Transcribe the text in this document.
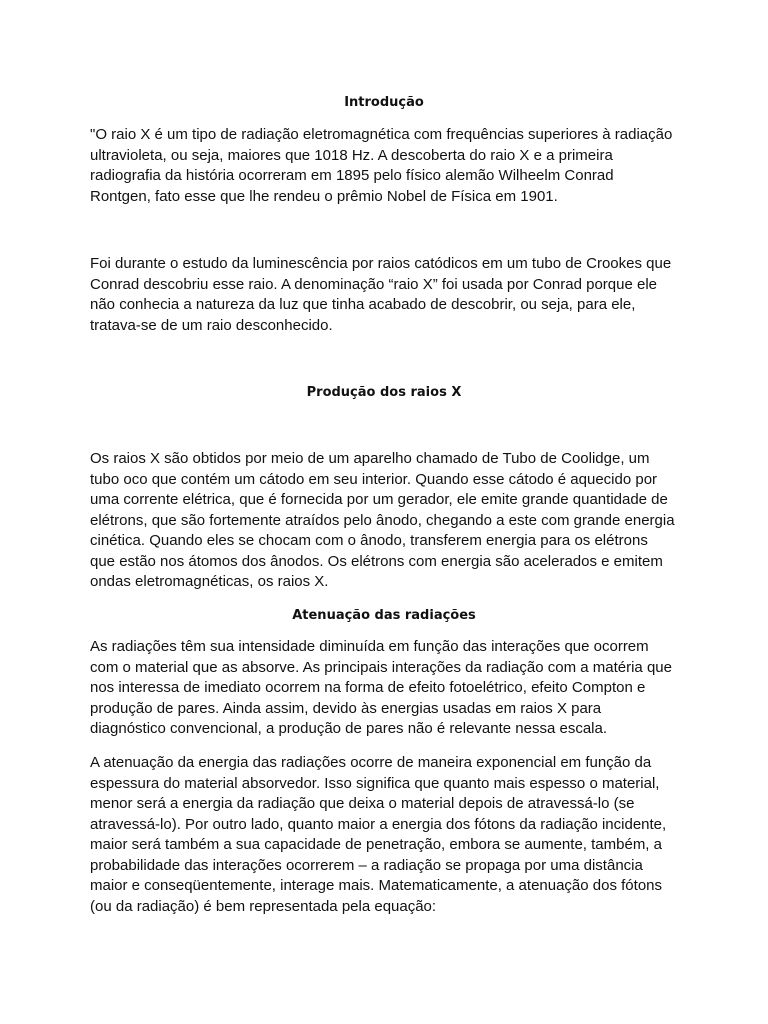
Introdução
"O raio X é um tipo de radiação eletromagnética com frequências superiores à radiação
ultravioleta, ou seja, maiores que 1018 Hz. A descoberta do raio X e a primeira
radiografia da história ocorreram em 1895 pelo físico alemão Wilheelm Conrad
Rontgen, fato esse que lhe rendeu o prêmio Nobel de Física em 1901.
Foi durante o estudo da luminescência por raios catódicos em um tubo de Crookes que
Conrad descobriu esse raio. A denominação “raio X” foi usada por Conrad porque ele
não conhecia a natureza da luz que tinha acabado de descobrir, ou seja, para ele,
tratava-se de um raio desconhecido.
Produção dos raios X
Os raios X são obtidos por meio de um aparelho chamado de Tubo de Coolidge, um
tubo oco que contém um cátodo em seu interior. Quando esse cátodo é aquecido por
uma corrente elétrica, que é fornecida por um gerador, ele emite grande quantidade de
elétrons, que são fortemente atraídos pelo ânodo, chegando a este com grande energia
cinética. Quando eles se chocam com o ânodo, transferem energia para os elétrons
que estão nos átomos dos ânodos. Os elétrons com energia são acelerados e emitem
ondas eletromagnéticas, os raios X.
Atenuação das radiações
As radiações têm sua intensidade diminuída em função das interações que ocorrem
com o material que as absorve. As principais interações da radiação com a matéria que
nos interessa de imediato ocorrem na forma de efeito fotoelétrico, efeito Compton e
produção de pares. Ainda assim, devido às energias usadas em raios X para
diagnóstico convencional, a produção de pares não é relevante nessa escala.
A atenuação da energia das radiações ocorre de maneira exponencial em função da
espessura do material absorvedor. Isso significa que quanto mais espesso o material,
menor será a energia da radiação que deixa o material depois de atravessá-lo (se
atravessá-lo). Por outro lado, quanto maior a energia dos fótons da radiação incidente,
maior será também a sua capacidade de penetração, embora se aumente, também, a
probabilidade das interações ocorrerem – a radiação se propaga por uma distância
maior e conseqüentemente, interage mais. Matematicamente, a atenuação dos fótons
(ou da radiação) é bem representada pela equação:
